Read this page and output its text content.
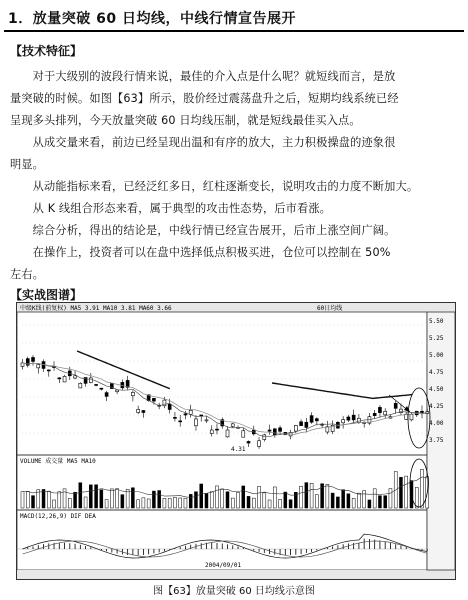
1．放量突破 60 日均线，中线行情宣告展开
【技术特征】
　　对于大级别的波段行情来说，最佳的介入点是什么呢？就短线而言，是放
量突破的时候。如图【63】所示，股价经过震荡盘升之后，短期均线系统已经
呈现多头排列，今天放量突破 60 日均线压制，就是短线最佳买入点。
　　从成交量来看，前边已经呈现出温和有序的放大，主力积极操盘的迹象很
明显。
　　从动能指标来看，已经泛红多日，红柱逐渐变长，说明攻击的力度不断加大。
　　从 K 线组合形态来看，属于典型的攻击性态势，后市看涨。
　　综合分析，得出的结论是，中线行情已经宣告展开，后市上涨空间广阔。
　　在操作上，投资者可以在盘中选择低点积极买进，仓位可以控制在 50%
左右。
【实战图谱】
中级K线(前复权) MA5 3.91 MA10 3.81 MA60 3.66	60日均线
5.50
5.25
5.00
4.75
4.50
4.25
4.00
3.75
4.31
VOLUME 成交量 MA5 MA10
MACD(12,26,9) DIF DEA
2004/09/01
图【63】放量突破 60 日均线示意图
